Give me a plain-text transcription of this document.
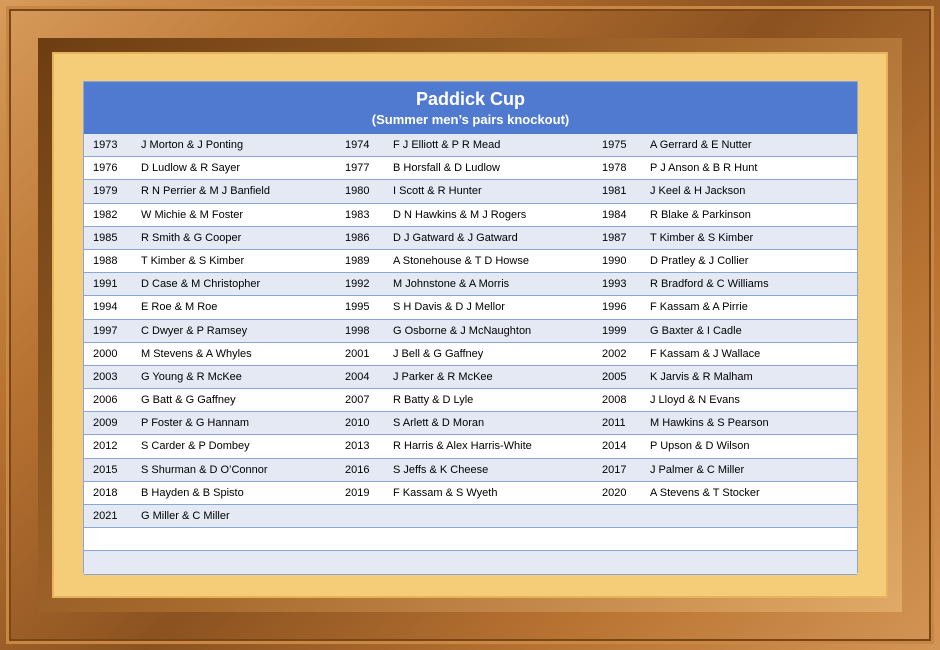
Paddick Cup
(Summer men’s pairs knockout)
1973 J Morton & J Ponting	1974 F J Elliott & P R Mead	1975 A Gerrard & E Nutter
1976 D Ludlow & R Sayer	1977 B Horsfall & D Ludlow	1978 P J Anson & B R Hunt
1979 R N Perrier & M J Banfield	1980 I Scott & R Hunter	1981 J Keel & H Jackson
1982 W Michie & M Foster	1983 D N Hawkins & M J Rogers	1984 R Blake & Parkinson
1985 R Smith & G Cooper	1986 D J Gatward & J Gatward	1987 T Kimber & S Kimber
1988 T Kimber & S Kimber	1989 A Stonehouse & T D Howse	1990 D Pratley & J Collier
1991 D Case & M Christopher	1992 M Johnstone & A Morris	1993 R Bradford & C Williams
1994 E Roe & M Roe	1995 S H Davis & D J Mellor	1996 F Kassam & A Pirrie
1997 C Dwyer & P Ramsey	1998 G Osborne & J McNaughton	1999 G Baxter & I Cadle
2000 M Stevens & A Whyles	2001 J Bell & G Gaffney	2002 F Kassam & J Wallace
2003 G Young & R McKee	2004 J Parker & R McKee	2005 K Jarvis & R Malham
2006 G Batt & G Gaffney	2007 R Batty & D Lyle	2008 J Lloyd & N Evans
2009 P Foster & G Hannam	2010 S Arlett & D Moran	2011 M Hawkins & S Pearson
2012 S Carder & P Dombey	2013 R Harris & Alex Harris-White	2014 P Upson & D Wilson
2015 S Shurman & D O’Connor	2016 S Jeffs & K Cheese	2017 J Palmer & C Miller
2018 B Hayden & B Spisto	2019 F Kassam & S Wyeth	2020 A Stevens & T Stocker
2021 G Miller & C Miller
